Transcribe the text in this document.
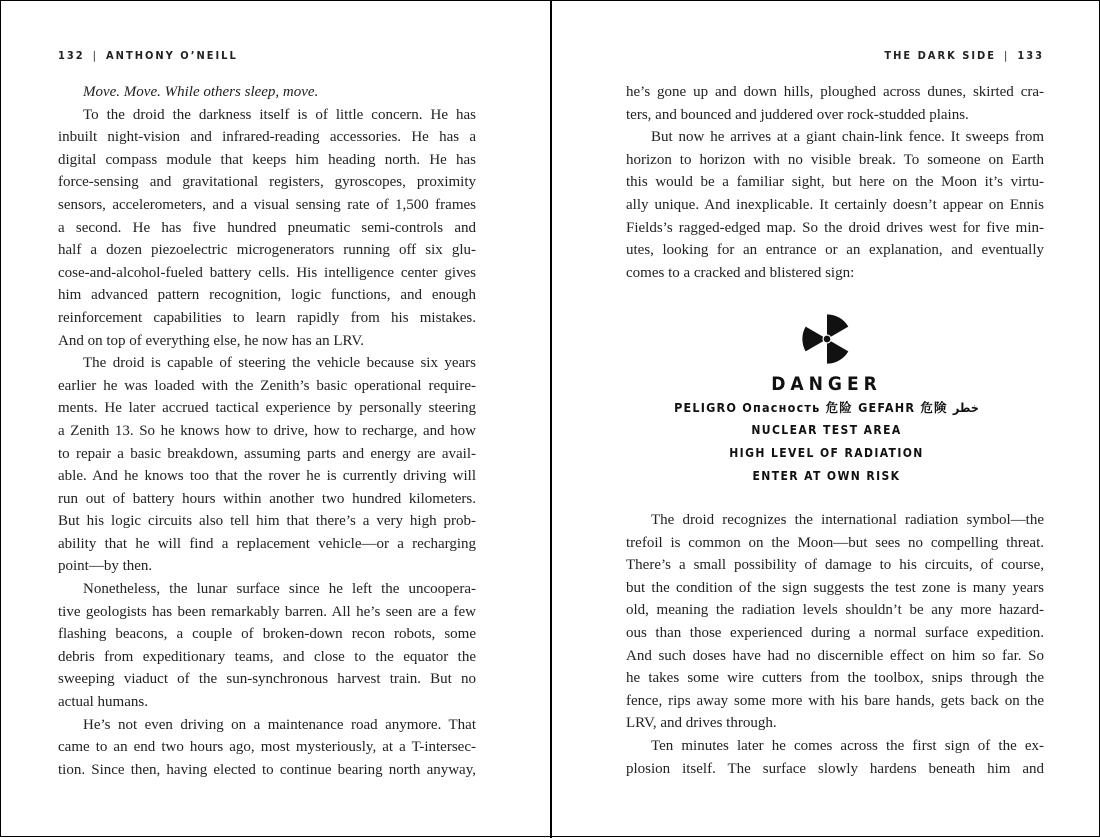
132 | ANTHONY O’NEILL
Move. Move. While others sleep, move.
To the droid the darkness itself is of little concern. He has
inbuilt night-vision and infrared-reading accessories. He has a
digital compass module that keeps him heading north. He has
force-sensing and gravitational registers, gyroscopes, proximity
sensors, accelerometers, and a visual sensing rate of 1,500 frames
a second. He has five hundred pneumatic semi-controls and
half a dozen piezoelectric microgenerators running off six glu-
cose-and-alcohol-fueled battery cells. His intelligence center gives
him advanced pattern recognition, logic functions, and enough
reinforcement capabilities to learn rapidly from his mistakes.
And on top of everything else, he now has an LRV.
The droid is capable of steering the vehicle because six years
earlier he was loaded with the Zenith’s basic operational require-
ments. He later accrued tactical experience by personally steering
a Zenith 13. So he knows how to drive, how to recharge, and how
to repair a basic breakdown, assuming parts and energy are avail-
able. And he knows too that the rover he is currently driving will
run out of battery hours within another two hundred kilometers.
But his logic circuits also tell him that there’s a very high prob-
ability that he will find a replacement vehicle—or a recharging
point—by then.
Nonetheless, the lunar surface since he left the uncoopera-
tive geologists has been remarkably barren. All he’s seen are a few
flashing beacons, a couple of broken-down recon robots, some
debris from expeditionary teams, and close to the equator the
sweeping viaduct of the sun-synchronous harvest train. But no
actual humans.
He’s not even driving on a maintenance road anymore. That
came to an end two hours ago, most mysteriously, at a T-intersec-
tion. Since then, having elected to continue bearing north anyway,
THE DARK SIDE | 133
he’s gone up and down hills, ploughed across dunes, skirted cra-
ters, and bounced and juddered over rock-studded plains.
But now he arrives at a giant chain-link fence. It sweeps from
horizon to horizon with no visible break. To someone on Earth
this would be a familiar sight, but here on the Moon it’s virtu-
ally unique. And inexplicable. It certainly doesn’t appear on Ennis
Fields’s ragged-edged map. So the droid drives west for five min-
utes, looking for an entrance or an explanation, and eventually
comes to a cracked and blistered sign:
DANGER
PELIGRO Опасность 危险 GEFAHR 危険 خطر
NUCLEAR TEST AREA
HIGH LEVEL OF RADIATION
ENTER AT OWN RISK
The droid recognizes the international radiation symbol—the
trefoil is common on the Moon—but sees no compelling threat.
There’s a small possibility of damage to his circuits, of course,
but the condition of the sign suggests the test zone is many years
old, meaning the radiation levels shouldn’t be any more hazard-
ous than those experienced during a normal surface expedition.
And such doses have had no discernible effect on him so far. So
he takes some wire cutters from the toolbox, snips through the
fence, rips away some more with his bare hands, gets back on the
LRV, and drives through.
Ten minutes later he comes across the first sign of the ex-
plosion itself. The surface slowly hardens beneath him and
